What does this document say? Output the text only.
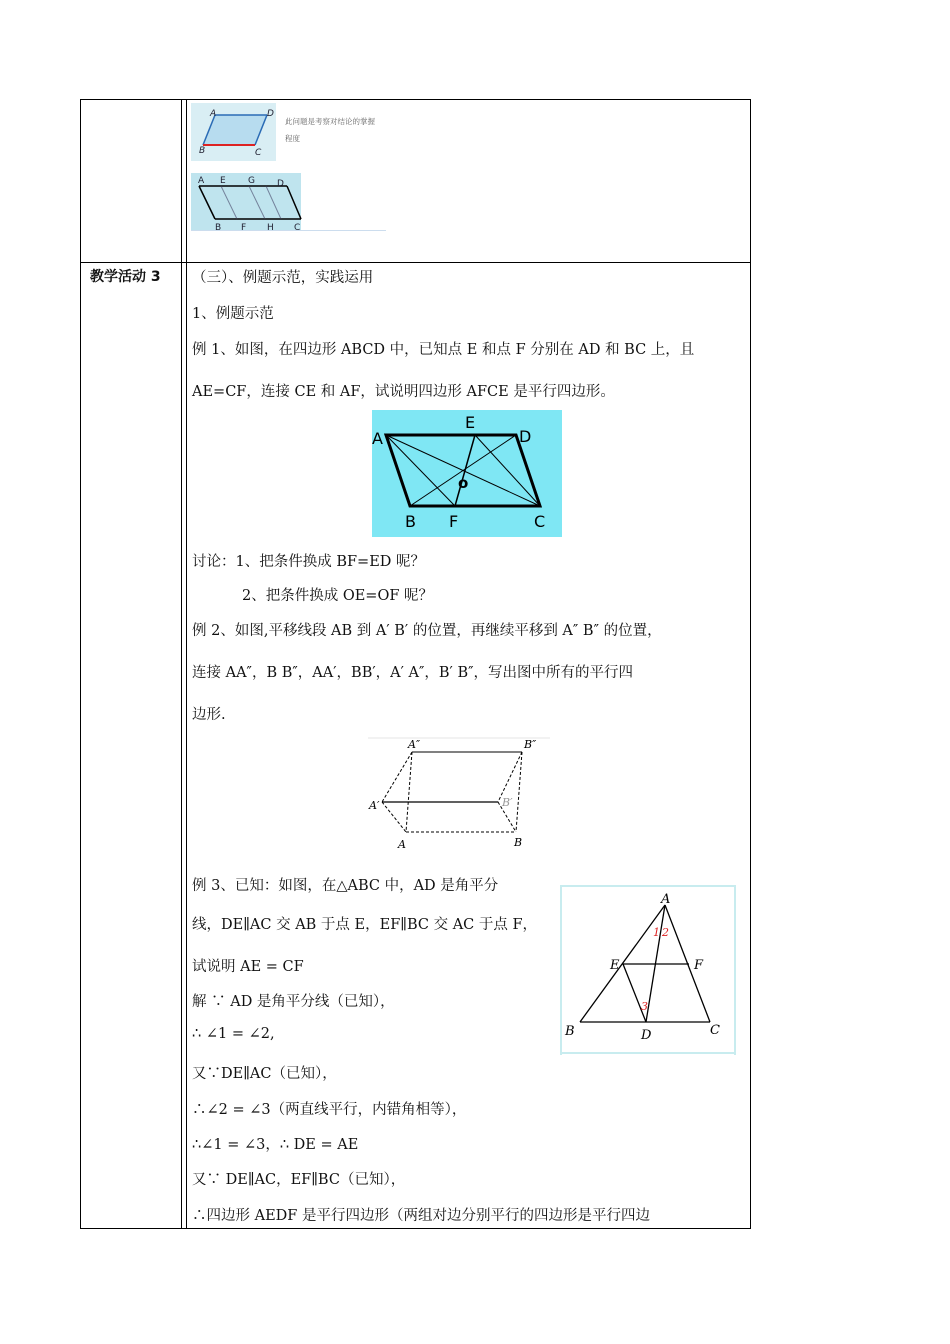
A	D
B	C
此问题是考察对结论的掌握
程度
A E G D
B F H C
教学活动 3 （三）、例题示范，实践运用
1、例题示范
例 1、如图，在四边形 ABCD 中，已知点 E 和点 F 分别在 AD 和 BC 上，且
AE=CF，连接 CE 和 AF，试说明四边形 AFCE 是平行四边形。
A
E
D
o
B F	C
讨论：1、把条件换成 BF=ED 呢？
2、把条件换成 OE=OF 呢？
例 2、如图,平移线段 AB 到 A′ B′ 的位置，再继续平移到 A″ B″ 的位置，
连接 AA″，B B″，AA′，BB′，A′ A″，B′ B″，写出图中所有的平行四
边形.
A″	B″
A′	B′
A	B
例 3、已知：如图，在△ABC 中，AD 是角平分
线，DE∥AC 交 AB 于点 E，EF∥BC 交 AC 于点 F，
试说明 AE = CF
解 ∵ AD 是角平分线（已知），
∴ ∠1 = ∠2,
又∵DE∥AC（已知），
∴∠2 = ∠3（两直线平行，内错角相等），
∴∠1 = ∠3，∴ DE = AE
又∵ DE∥AC，EF∥BC（已知），
∴四边形 AEDF 是平行四边形（两组对边分别平行的四边形是平行四边
A
E	F
B	D	C
1 2
3
